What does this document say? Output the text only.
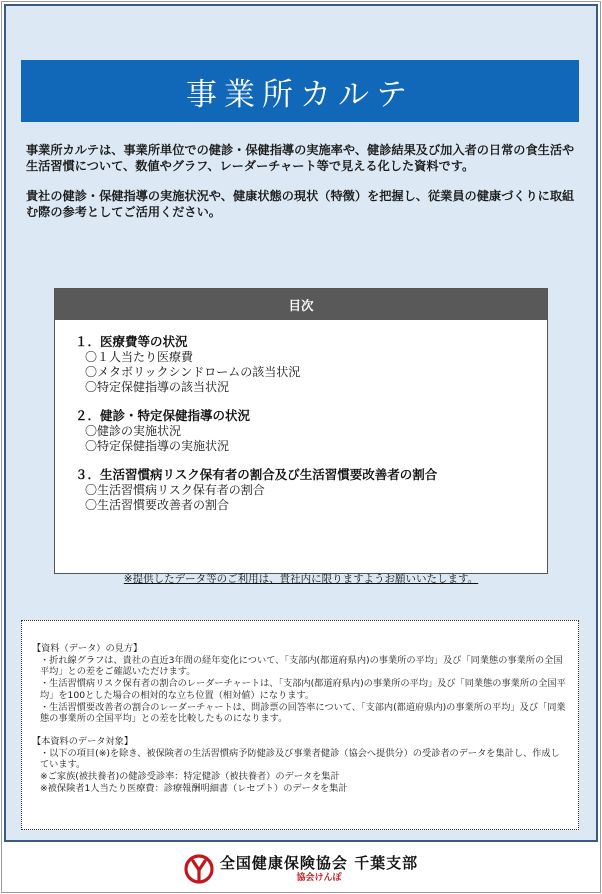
事業所カルテ

事業所カルテは、事業所単位での健診・保健指導の実施率や、健診結果及び加入者の日常の食生活や生活習慣について、数値やグラフ、レーダーチャート等で見える化した資料です。

貴社の健診・保健指導の実施状況や、健康状態の現状（特徴）を把握し、従業員の健康づくりに取組む際の参考としてご活用ください。

目次
１．医療費等の状況
〇１人当たり医療費
〇メタボリックシンドロームの該当状況
〇特定保健指導の該当状況
２．健診・特定保健指導の状況
〇健診の実施状況
〇特定保健指導の実施状況
３．生活習慣病リスク保有者の割合及び生活習慣要改善者の割合
〇生活習慣病リスク保有者の割合
〇生活習慣要改善者の割合
※提供したデータ等のご利用は、貴社内に限りますようお願いいたします。
【資料（データ）の見方】
・折れ線グラフは、貴社の直近3年間の経年変化について、「支部内(都道府県内)の事業所の平均」及び「同業態の事業所の全国平均」との差をご確認いただけます。
・生活習慣病リスク保有者の割合のレーダーチャートは、「支部内(都道府県内)の事業所の平均」及び「同業態の事業所の全国平均」を100とした場合の相対的な立ち位置（相対値）になります。
・生活習慣要改善者の割合のレーダーチャートは、問診票の回答率について、「支部内(都道府県内)の事業所の平均」及び「同業態の事業所の全国平均」との差を比較したものになります。
【本資料のデータ対象】
・以下の項目(※)を除き、被保険者の生活習慣病予防健診及び事業者健診（協会へ提供分）の受診者のデータを集計し、作成しています。
※ご家族(被扶養者)の健診受診率：特定健診（被扶養者）のデータを集計
※被保険者1人当たり医療費：診療報酬明細書（レセプト）のデータを集計
全国健康保険協会 千葉支部
協会けんぽ
